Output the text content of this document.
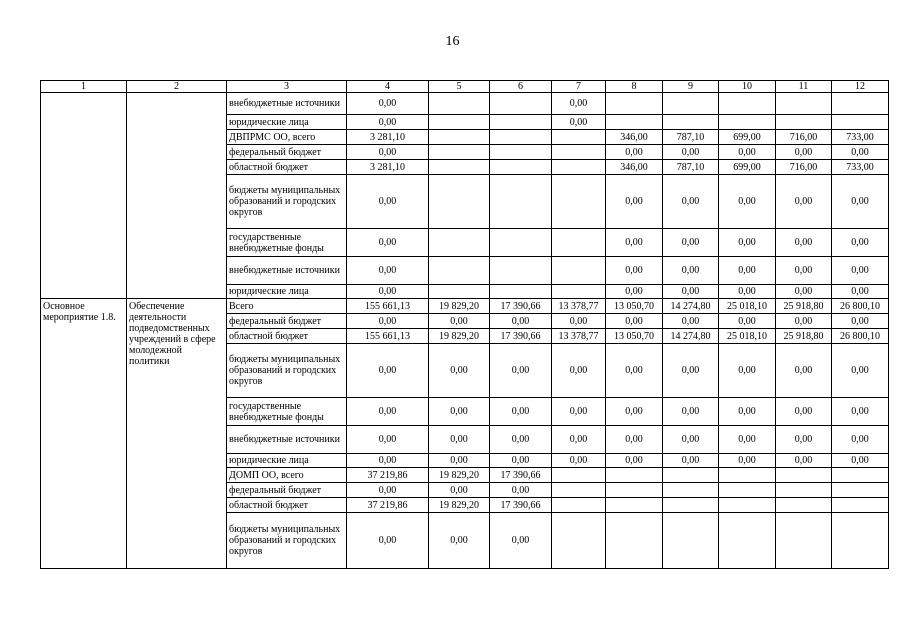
16
1	2	3	4	5	6	7	8	9	10	11	12
		внебюджетные источники	0,00			0,00					
		юридические лица	0,00			0,00					
		ДВПРМС ОО, всего	3 281,10				346,00	787,10	699,00	716,00	733,00
		федеральный бюджет	0,00				0,00	0,00	0,00	0,00	0,00
		областной бюджет	3 281,10				346,00	787,10	699,00	716,00	733,00
		бюджеты муниципальных образований и городских округов	0,00				0,00	0,00	0,00	0,00	0,00
		государственные внебюджетные фонды	0,00				0,00	0,00	0,00	0,00	0,00
		внебюджетные источники	0,00				0,00	0,00	0,00	0,00	0,00
		юридические лица	0,00				0,00	0,00	0,00	0,00	0,00
Основное мероприятие 1.8.	Обеспечение деятельности подведомственных учреждений в сфере молодежной политики	Всего	155 661,13	19 829,20	17 390,66	13 378,77	13 050,70	14 274,80	25 018,10	25 918,80	26 800,10
		федеральный бюджет	0,00	0,00	0,00	0,00	0,00	0,00	0,00	0,00	0,00
		областной бюджет	155 661,13	19 829,20	17 390,66	13 378,77	13 050,70	14 274,80	25 018,10	25 918,80	26 800,10
		бюджеты муниципальных образований и городских округов	0,00	0,00	0,00	0,00	0,00	0,00	0,00	0,00	0,00
		государственные внебюджетные фонды	0,00	0,00	0,00	0,00	0,00	0,00	0,00	0,00	0,00
		внебюджетные источники	0,00	0,00	0,00	0,00	0,00	0,00	0,00	0,00	0,00
		юридические лица	0,00	0,00	0,00	0,00	0,00	0,00	0,00	0,00	0,00
		ДОМП ОО, всего	37 219,86	19 829,20	17 390,66						
		федеральный бюджет	0,00	0,00	0,00						
		областной бюджет	37 219,86	19 829,20	17 390,66						
		бюджеты муниципальных образований и городских округов	0,00	0,00	0,00						
